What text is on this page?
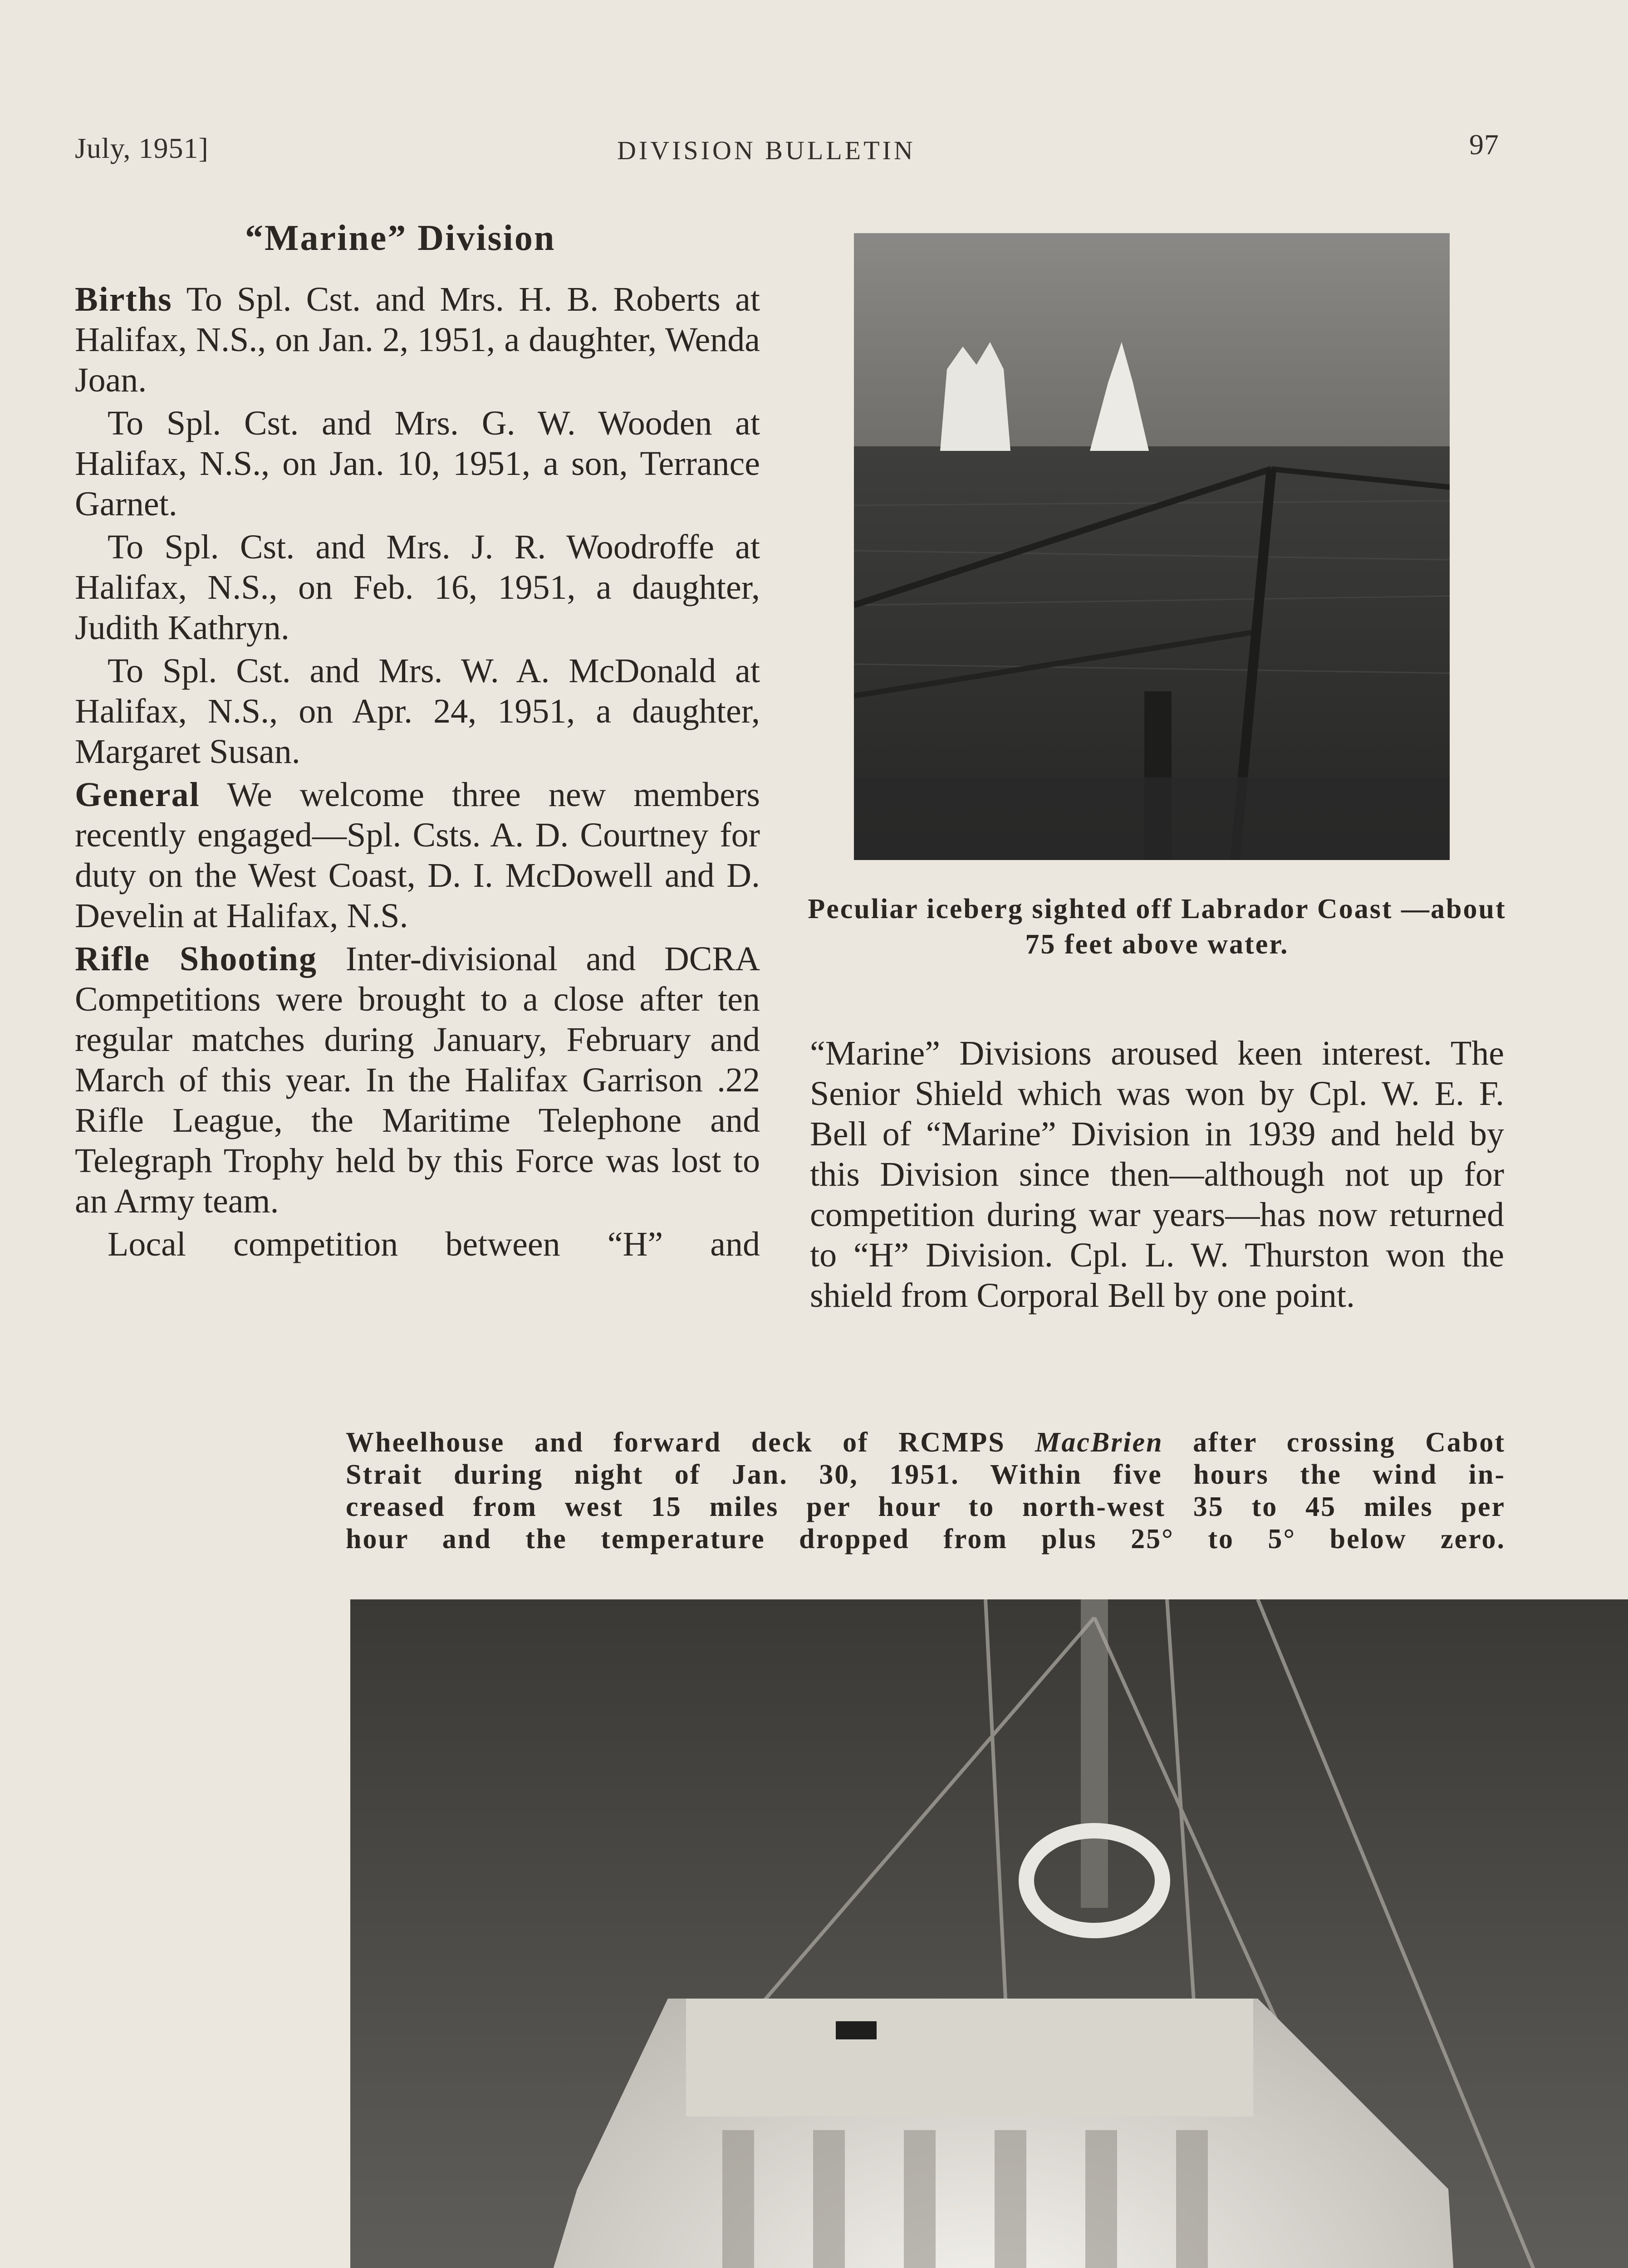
July, 1951]	DIVISION BULLETIN	97
“Marine” Division

Births To Spl. Cst. and Mrs. H. B. Roberts at Halifax, N.S., on Jan. 2, 1951, a daughter, Wenda Joan.

To Spl. Cst. and Mrs. G. W. Wooden at Halifax, N.S., on Jan. 10, 1951, a son, Terrance Garnet.

To Spl. Cst. and Mrs. J. R. Woodroffe at Halifax, N.S., on Feb. 16, 1951, a daughter, Judith Kathryn.

To Spl. Cst. and Mrs. W. A. McDonald at Halifax, N.S., on Apr. 24, 1951, a daughter, Margaret Susan.

General We welcome three new members recently engaged—Spl. Csts. A. D. Courtney for duty on the West Coast, D. I. McDowell and D. Develin at Halifax, N.S.

Rifle Shooting Inter-divisional and DCRA Competitions were brought to a close after ten regular matches during January, February and March of this year. In the Halifax Garrison .22 Rifle League, the Maritime Telephone and Telegraph Trophy held by this Force was lost to an Army team.

Local competition between “H” and

Peculiar iceberg sighted off Labrador Coast —about 75 feet above water.

“Marine” Divisions aroused keen interest. The Senior Shield which was won by Cpl. W. E. F. Bell of “Marine” Division in 1939 and held by this Division since then—although not up for competition during war years—has now returned to “H” Division. Cpl. L. W. Thurston won the shield from Corporal Bell by one point.

Wheelhouse and forward deck of RCMPS MacBrien after crossing Cabot
Strait during night of Jan. 30, 1951. Within five hours the wind in-
creased from west 15 miles per hour to north-west 35 to 45 miles per
hour and the temperature dropped from plus 25° to 5° below zero.
